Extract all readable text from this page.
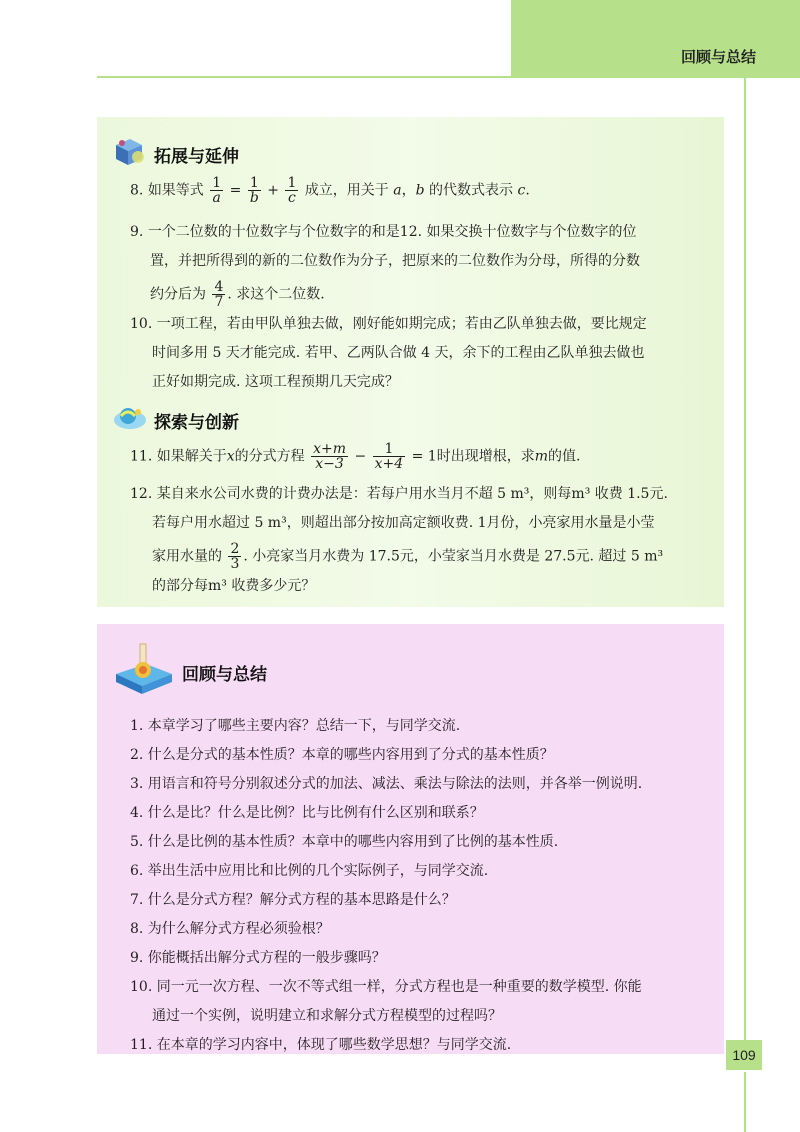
回顾与总结
拓展与延伸
8. 如果等式 $\frac{1}{a} = \frac{1}{b} + \frac{1}{c}$ 成立，用关于 a，b 的代数式表示 c.
9. 一个二位数的十位数字与个位数字的和是12. 如果交换十位数字与个位数字的位
置，并把所得到的新的二位数作为分子，把原来的二位数作为分母，所得的分数
约分后为 $\frac{4}{7}$ . 求这个二位数.
10. 一项工程，若由甲队单独去做，刚好能如期完成；若由乙队单独去做，要比规定
时间多用 5 天才能完成. 若甲、乙两队合做 4 天，余下的工程由乙队单独去做也
正好如期完成. 这项工程预期几天完成？
探索与创新
11. 如果解关于x的分式方程 $\frac{x+m}{x-3} - \frac{1}{x+4} = 1$时出现增根，求m的值.
12. 某自来水公司水费的计费办法是：若每户用水当月不超 5 m³，则每m³ 收费 1.5元.
若每户用水超过 5 m³，则超出部分按加高定额收费. 1月份，小亮家用水量是小莹
家用水量的 $\frac{2}{3}$ . 小亮家当月水费为 17.5元，小莹家当月水费是 27.5元. 超过 5 m³
的部分每m³ 收费多少元？
回顾与总结
1. 本章学习了哪些主要内容？总结一下，与同学交流.
2. 什么是分式的基本性质？本章的哪些内容用到了分式的基本性质？
3. 用语言和符号分别叙述分式的加法、减法、乘法与除法的法则，并各举一例说明.
4. 什么是比？什么是比例？比与比例有什么区别和联系？
5. 什么是比例的基本性质？本章中的哪些内容用到了比例的基本性质.
6. 举出生活中应用比和比例的几个实际例子，与同学交流.
7. 什么是分式方程？解分式方程的基本思路是什么？
8. 为什么解分式方程必须验根？
9. 你能概括出解分式方程的一般步骤吗？
10. 同一元一次方程、一次不等式组一样，分式方程也是一种重要的数学模型. 你能
通过一个实例，说明建立和求解分式方程模型的过程吗？
11. 在本章的学习内容中，体现了哪些数学思想？与同学交流.
109
